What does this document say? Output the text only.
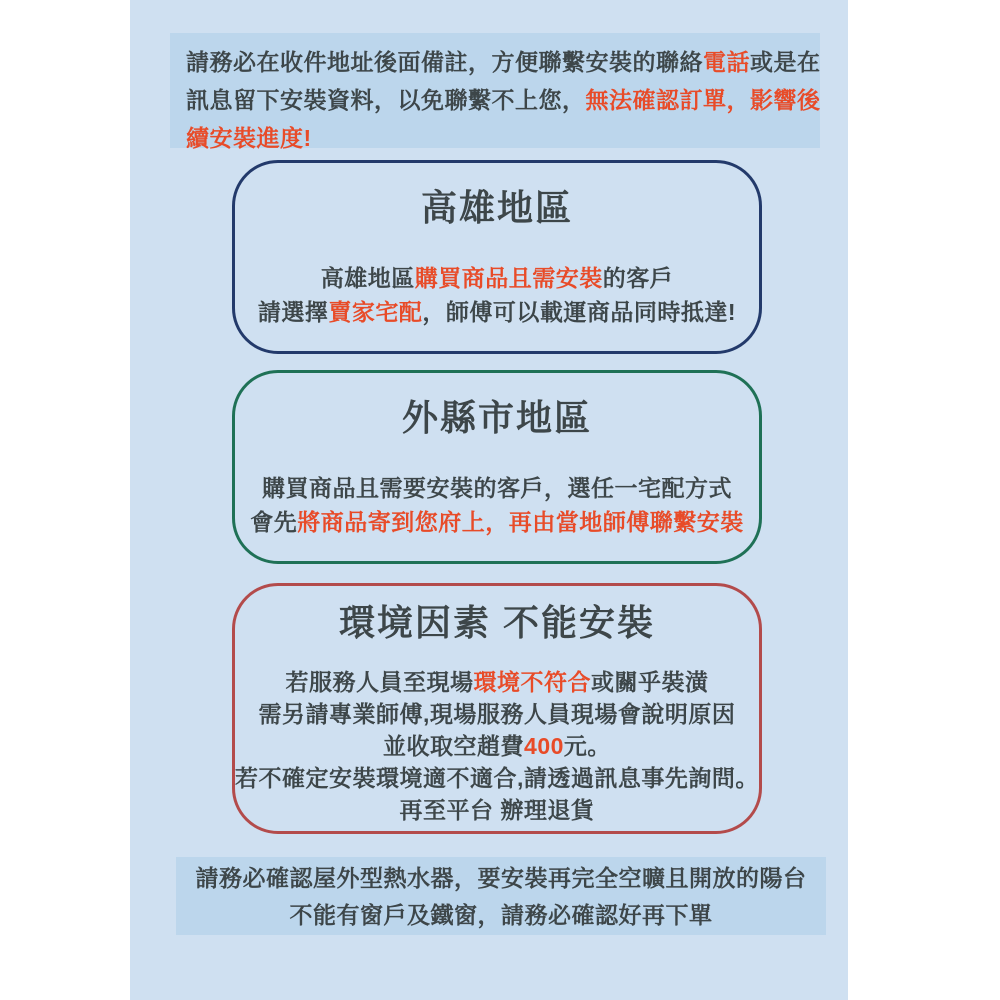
請務必在收件地址後面備註，方便聯繫安裝的聯絡電話或是在
訊息留下安裝資料，以免聯繫不上您，無法確認訂單，影響後
續安裝進度!
高雄地區
高雄地區購買商品且需安裝的客戶
請選擇賣家宅配，師傅可以載運商品同時抵達!
外縣市地區
購買商品且需要安裝的客戶，選任一宅配方式
會先將商品寄到您府上，再由當地師傅聯繫安裝
環境因素 不能安裝
若服務人員至現場環境不符合或關乎裝潢
需另請專業師傅,現場服務人員現場會說明原因
並收取空趙費400元。
若不確定安裝環境適不適合,請透過訊息事先詢問。
再至平台 辦理退貨
請務必確認屋外型熱水器，要安裝再完全空曠且開放的陽台
不能有窗戶及鐵窗，請務必確認好再下單
